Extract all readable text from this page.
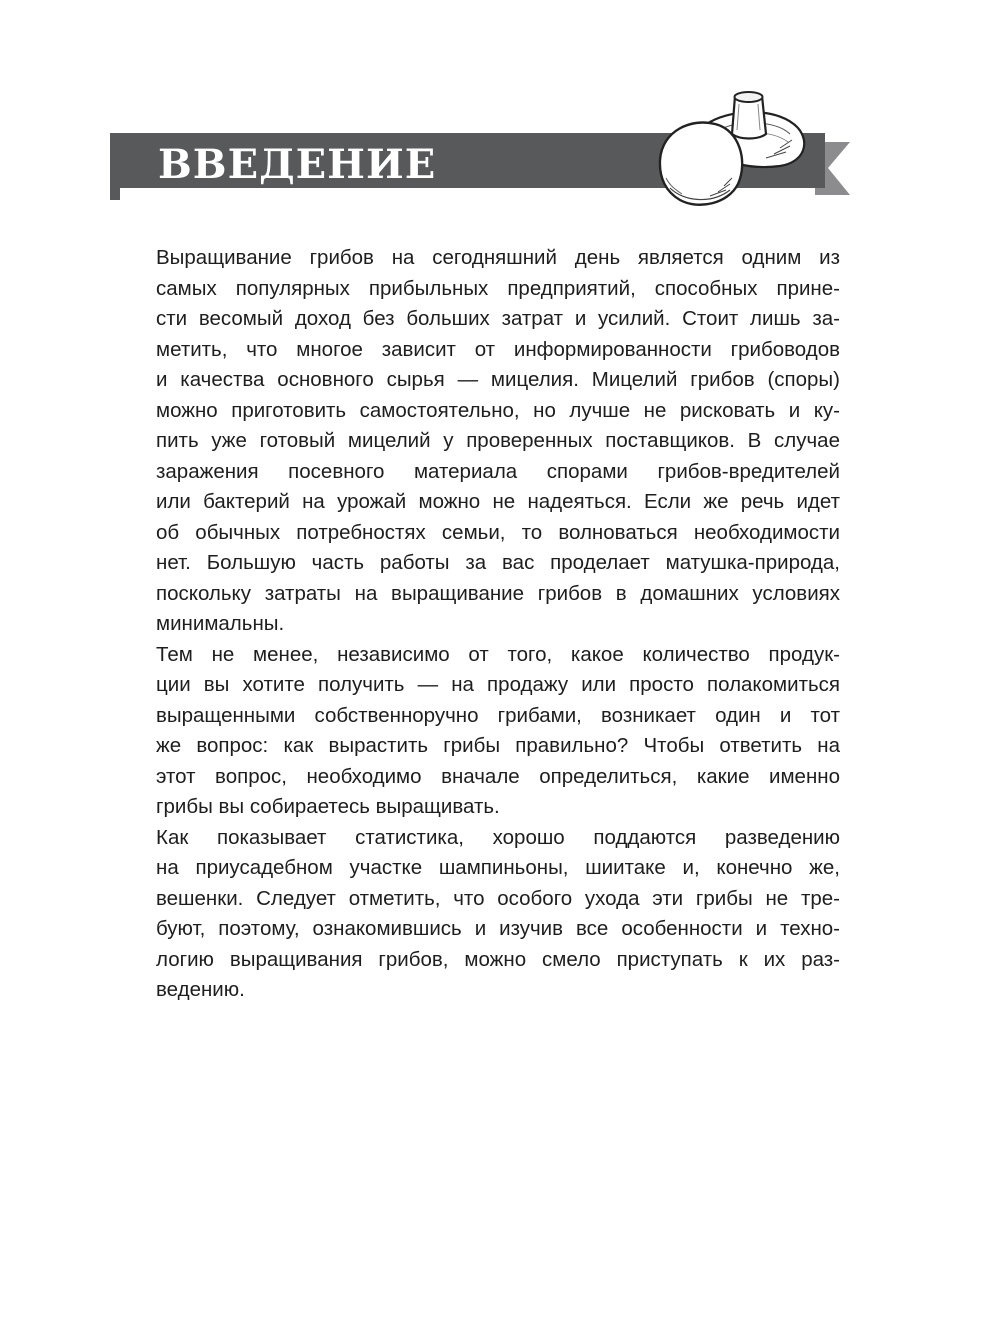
ВВЕДЕНИЕ

Выращивание грибов на сегодняшний день является одним из
самых популярных прибыльных предприятий, способных прине-
сти весомый доход без больших затрат и усилий. Стоит лишь за-
метить, что многое зависит от информированности грибоводов
и качества основного сырья — мицелия. Мицелий грибов (споры)
можно приготовить самостоятельно, но лучше не рисковать и ку-
пить уже готовый мицелий у проверенных поставщиков. В случае
заражения посевного материала спорами грибов-вредителей
или бактерий на урожай можно не надеяться. Если же речь идет
об обычных потребностях семьи, то волноваться необходимости
нет. Большую часть работы за вас проделает матушка-природа,
поскольку затраты на выращивание грибов в домашних условиях
минимальны.

Тем не менее, независимо от того, какое количество продук-
ции вы хотите получить — на продажу или просто полакомиться
выращенными собственноручно грибами, возникает один и тот
же вопрос: как вырастить грибы правильно? Чтобы ответить на
этот вопрос, необходимо вначале определиться, какие именно
грибы вы собираетесь выращивать.

Как показывает статистика, хорошо поддаются разведению
на приусадебном участке шампиньоны, шиитаке и, конечно же,
вешенки. Следует отметить, что особого ухода эти грибы не тре-
буют, поэтому, ознакомившись и изучив все особенности и техно-
логию выращивания грибов, можно смело приступать к их раз-
ведению.
